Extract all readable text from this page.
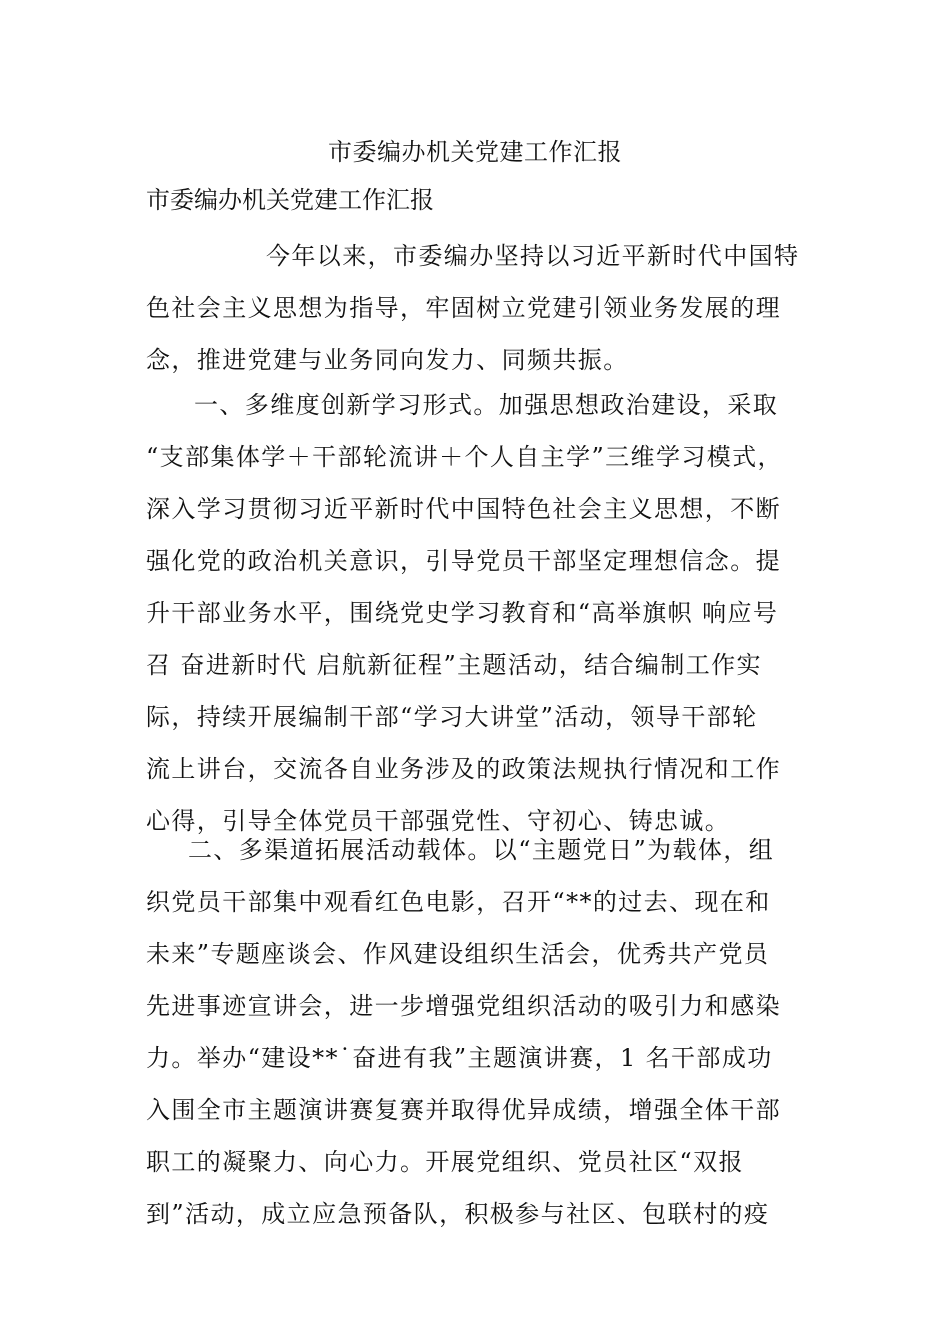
市委编办机关党建工作汇报
市委编办机关党建工作汇报
今年以来，市委编办坚持以习近平新时代中国特
色社会主义思想为指导，牢固树立党建引领业务发展的理
念，推进党建与业务同向发力、同频共振。
一、多维度创新学习形式。加强思想政治建设，采取
“支部集体学＋干部轮流讲＋个人自主学”三维学习模式，
深入学习贯彻习近平新时代中国特色社会主义思想，不断
强化党的政治机关意识，引导党员干部坚定理想信念。提
升干部业务水平，围绕党史学习教育和“高举旗帜 响应号
召 奋进新时代 启航新征程”主题活动，结合编制工作实
际，持续开展编制干部“学习大讲堂”活动，领导干部轮
流上讲台，交流各自业务涉及的政策法规执行情况和工作
心得，引导全体党员干部强党性、守初心、铸忠诚。
二、多渠道拓展活动载体。以“主题党日”为载体，组
织党员干部集中观看红色电影，召开“**的过去、现在和
未来”专题座谈会、作风建设组织生活会，优秀共产党员
先进事迹宣讲会，进一步增强党组织活动的吸引力和感染
力。举办“建设**˙奋进有我”主题演讲赛，1 名干部成功
入围全市主题演讲赛复赛并取得优异成绩，增强全体干部
职工的凝聚力、向心力。开展党组织、党员社区“双报
到”活动，成立应急预备队，积极参与社区、包联村的疫
